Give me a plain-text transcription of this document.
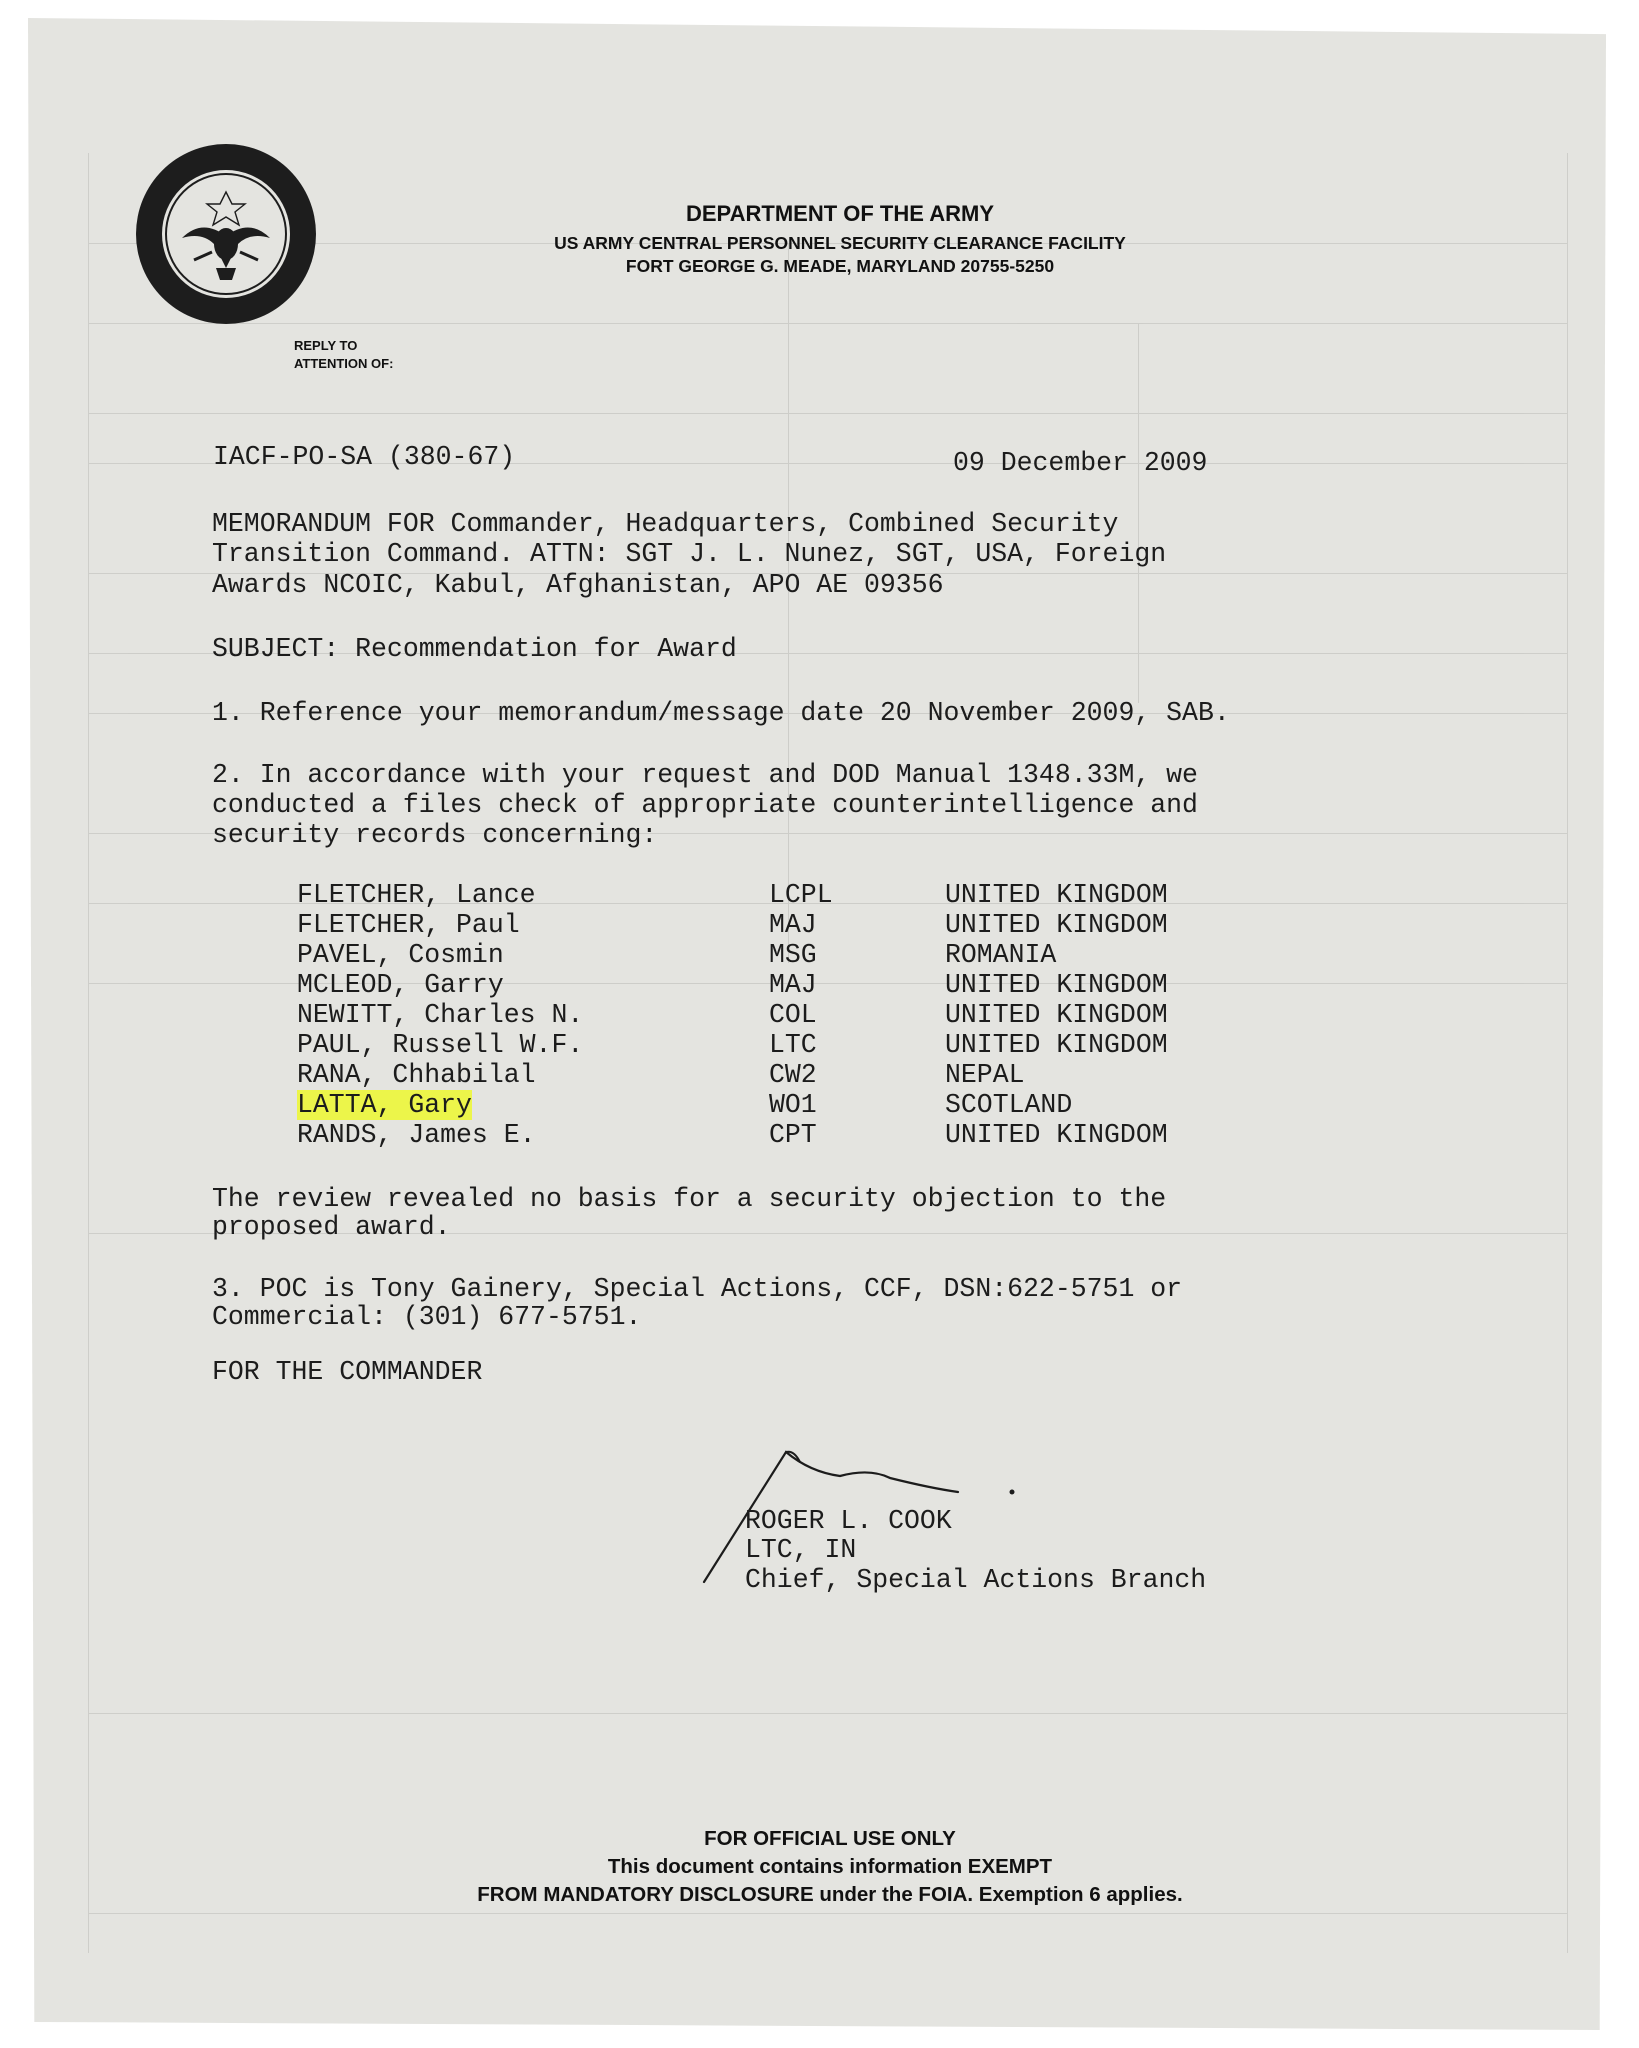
DEPARTMENT OF THE ARMY
US ARMY CENTRAL PERSONNEL SECURITY CLEARANCE FACILITY
FORT GEORGE G. MEADE, MARYLAND 20755-5250
REPLY TO
ATTENTION OF:
IACF-PO-SA (380-67)	09 December 2009
MEMORANDUM FOR Commander, Headquarters, Combined Security
Transition Command. ATTN: SGT J. L. Nunez, SGT, USA, Foreign
Awards NCOIC, Kabul, Afghanistan, APO AE 09356
SUBJECT: Recommendation for Award
1. Reference your memorandum/message date 20 November 2009, SAB.
2. In accordance with your request and DOD Manual 1348.33M, we
conducted a files check of appropriate counterintelligence and
security records concerning:
FLETCHER, Lance	LCPL	UNITED KINGDOM
FLETCHER, Paul	MAJ	UNITED KINGDOM
PAVEL, Cosmin	MSG	ROMANIA
MCLEOD, Garry	MAJ	UNITED KINGDOM
NEWITT, Charles N.	COL	UNITED KINGDOM
PAUL, Russell W.F.	LTC	UNITED KINGDOM
RANA, Chhabilal	CW2	NEPAL
LATTA, Gary	WO1	SCOTLAND
RANDS, James E.	CPT	UNITED KINGDOM
The review revealed no basis for a security objection to the
proposed award.
3. POC is Tony Gainery, Special Actions, CCF, DSN:622-5751 or
Commercial: (301) 677-5751.
FOR THE COMMANDER
ROGER L. COOK
LTC, IN
Chief, Special Actions Branch
FOR OFFICIAL USE ONLY
This document contains information EXEMPT
FROM MANDATORY DISCLOSURE under the FOIA. Exemption 6 applies.
